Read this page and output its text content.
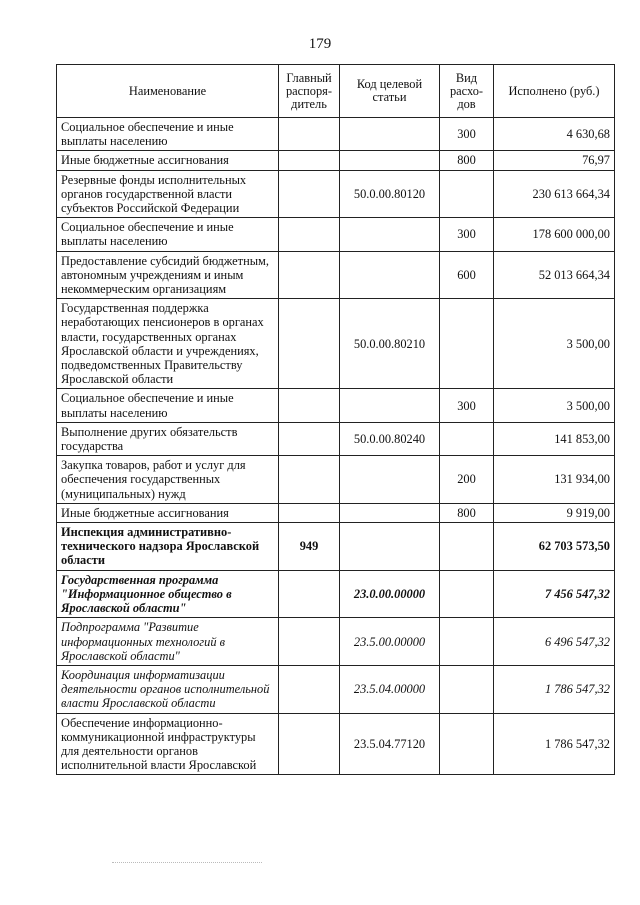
179
Наименование	Главный распоря-дитель	Код целевой статьи	Вид расхо-дов	Исполнено (руб.)
Социальное обеспечение и иные выплаты населению			300	4 630,68
Иные бюджетные ассигнования			800	76,97
Резервные фонды исполнительных органов государственной власти субъектов Российской Федерации		50.0.00.80120		230 613 664,34
Социальное обеспечение и иные выплаты населению			300	178 600 000,00
Предоставление субсидий бюджетным, автономным учреждениям и иным некоммерческим организациям			600	52 013 664,34
Государственная поддержка неработающих пенсионеров в органах власти, государственных органах Ярославской области и учреждениях, подведомственных Правительству Ярославской области		50.0.00.80210		3 500,00
Социальное обеспечение и иные выплаты населению			300	3 500,00
Выполнение других обязательств государства		50.0.00.80240		141 853,00
Закупка товаров, работ и услуг для обеспечения государственных (муниципальных) нужд			200	131 934,00
Иные бюджетные ассигнования			800	9 919,00
Инспекция административно-технического надзора Ярославской области	949			62 703 573,50
Государственная программа "Информационное общество в Ярославской области"		23.0.00.00000		7 456 547,32
Подпрограмма "Развитие информационных технологий в Ярославской области"		23.5.00.00000		6 496 547,32
Координация информатизации деятельности органов исполнительной власти Ярославской области		23.5.04.00000		1 786 547,32
Обеспечение информационно-коммуникационной инфраструктуры для деятельности органов исполнительной власти Ярославской		23.5.04.77120		1 786 547,32
